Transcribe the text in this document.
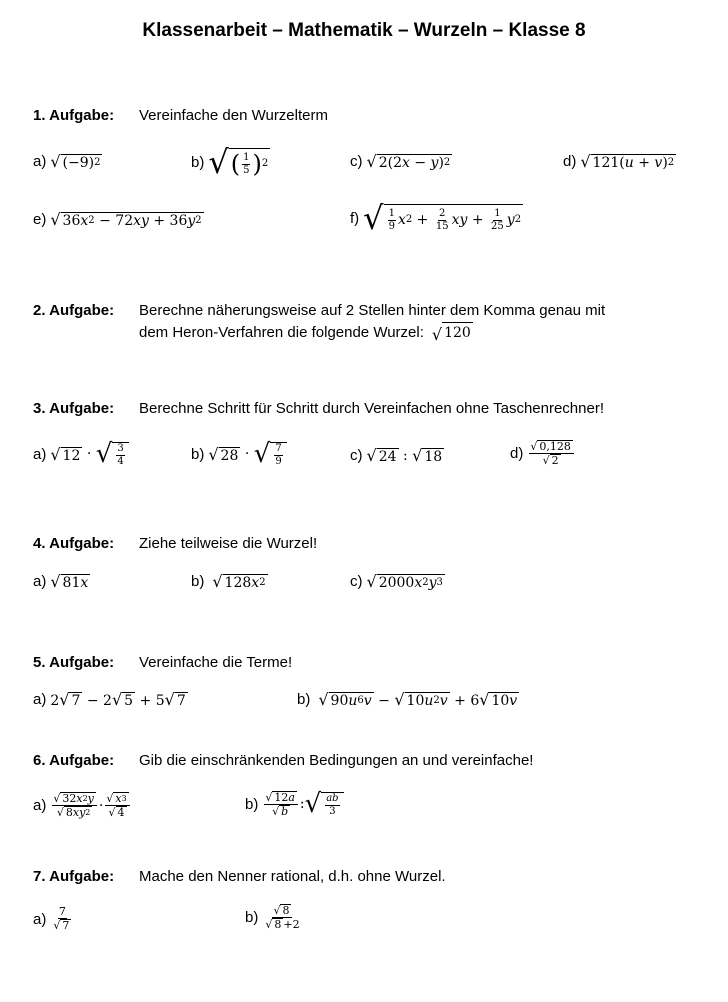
Klassenarbeit – Mathematik – Wurzeln – Klasse 8
1. Aufgabe: Vereinfache den Wurzelterm
a) √ (−9) 2	b) √ ( $\frac{1}{5}$ ) 2	c) √ 2(2 x − y ) 2	d) √ 121( u + v ) 2
e) √ 36 x 2 − 72 xy + 36 y 2	f) √ $\frac{1}{9}$ x $2 + \frac{2}{15}$ xy + $\frac{1}{25}$ y 2
2. Aufgabe: Berechne näherungsweise auf 2 Stellen hinter dem Komma genau mit
dem Heron-Verfahren die folgende Wurzel: √ 120
3. Aufgabe: Berechne Schritt für Schritt durch Vereinfachen ohne Taschenrechner!
a) √ 12 · √ $\frac{3}{4}$	b) √ 28 · √ $\frac{7}{9}$	c) √ 24 : √ 18	$d) \frac{√ 0,128}{√ 2}$
4. Aufgabe: Ziehe teilweise die Wurzel!
a) √ 81 x	b) √ 128 x 2	c) √ 2000 x 2 y 3
5. Aufgabe: Vereinfache die Terme!
a) 2 √ 7 − 2 √ 5 + 5 √ 7	b) √ 90 u 6 v − √ 10 u 2 v + 6 √ 10 v
6. Aufgabe: Gib die einschränkenden Bedingungen an und vereinfache!
$a) \frac{√ 32 x 2 y}{√ 8 xy 2} \cdot \frac{√ x 3}{√ 4}$	$b) \frac{√ 12 a}{√ b}$ : √ $\frac{ab}{3}$
7. Aufgabe: Mache den Nenner rational, d.h. ohne Wurzel.
$a) \frac{7}{√ 7}$	$b) \frac{√ 8}{√ 8 +2}$
